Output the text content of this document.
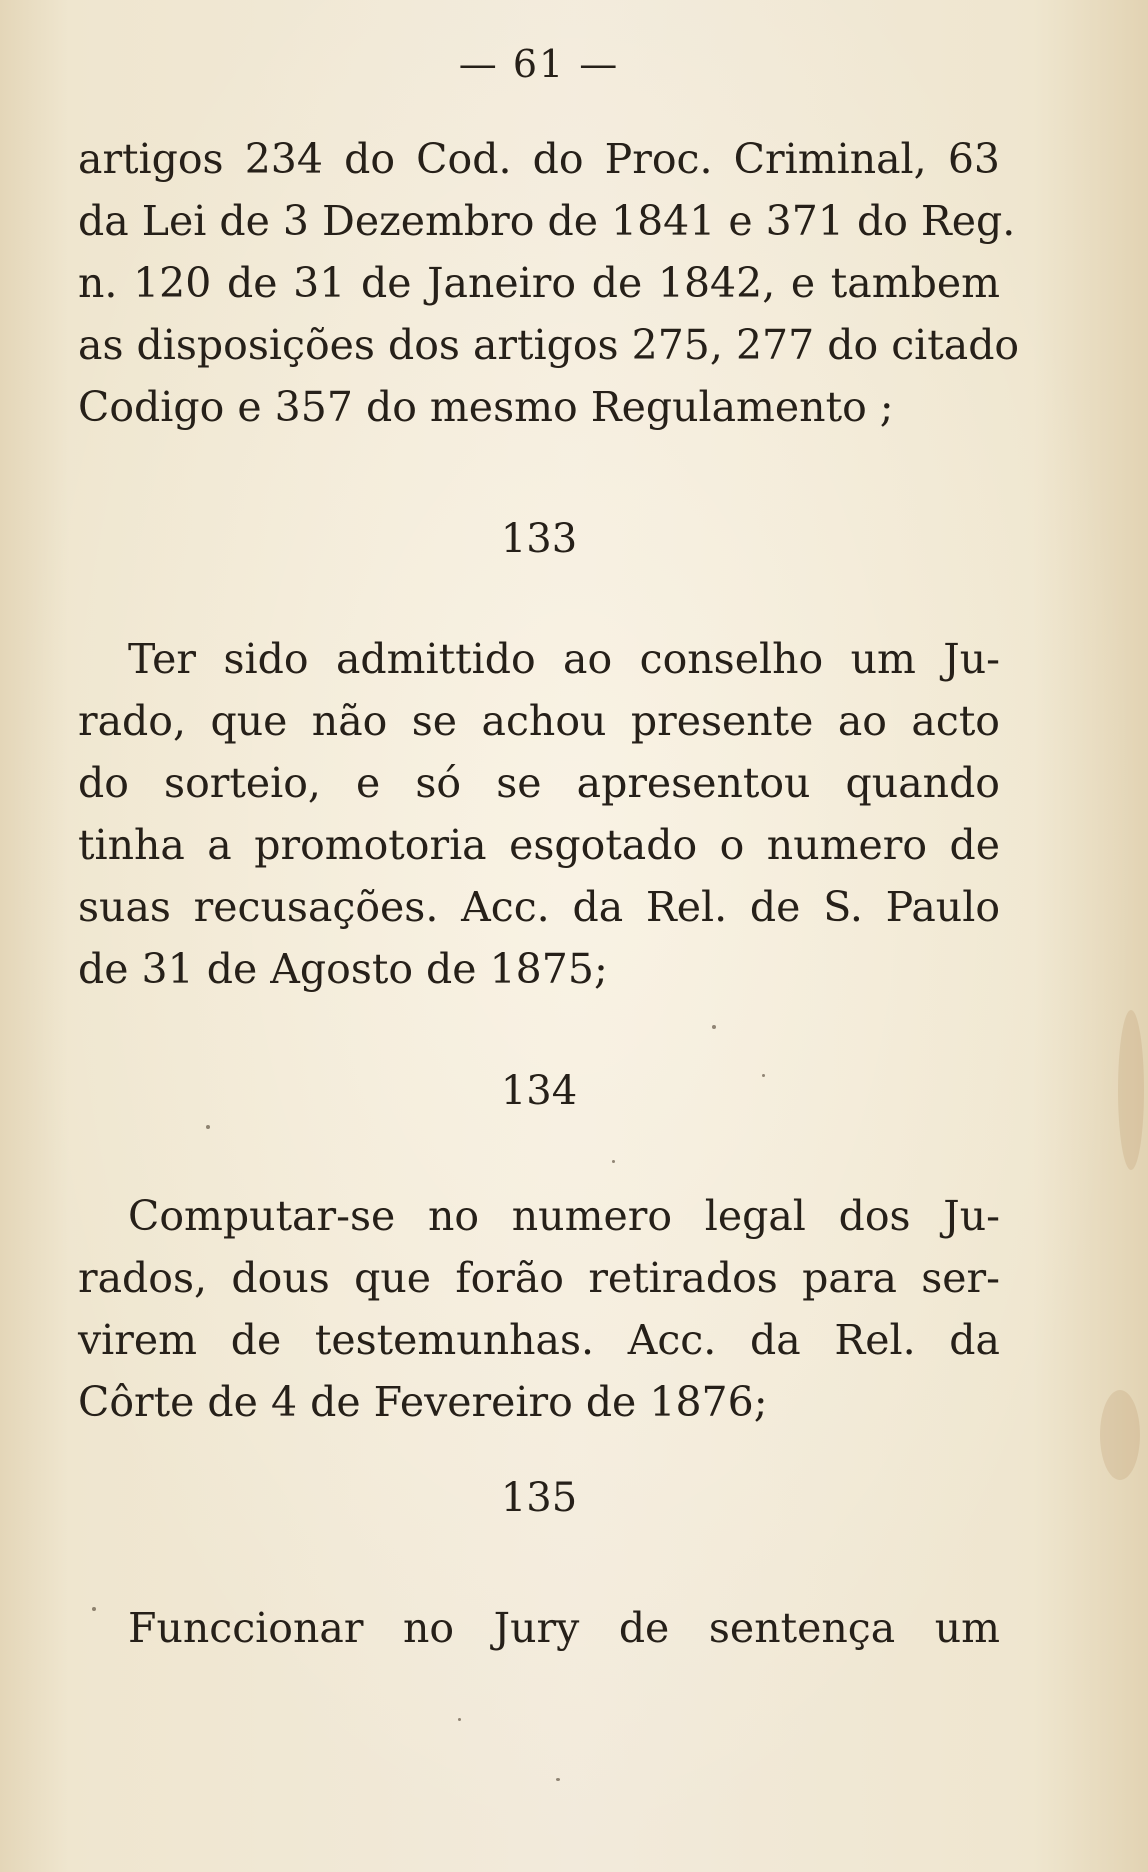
— 61 —
artigos 234 do Cod. do Proc. Criminal, 63
da Lei de 3 Dezembro de 1841 e 371 do Reg.
n. 120 de 31 de Janeiro de 1842, e tambem
as disposições dos artigos 275, 277 do citado
Codigo e 357 do mesmo Regulamento ;
133
Ter sido admittido ao conselho um Ju-
rado, que não se achou presente ao acto
do sorteio, e só se apresentou quando
tinha a promotoria esgotado o numero de
suas recusações. Acc. da Rel. de S. Paulo
de 31 de Agosto de 1875;
134
Computar-se no numero legal dos Ju-
rados, dous que forão retirados para ser-
virem de testemunhas. Acc. da Rel. da
Côrte de 4 de Fevereiro de 1876;
135
Funccionar no Jury de sentença um
